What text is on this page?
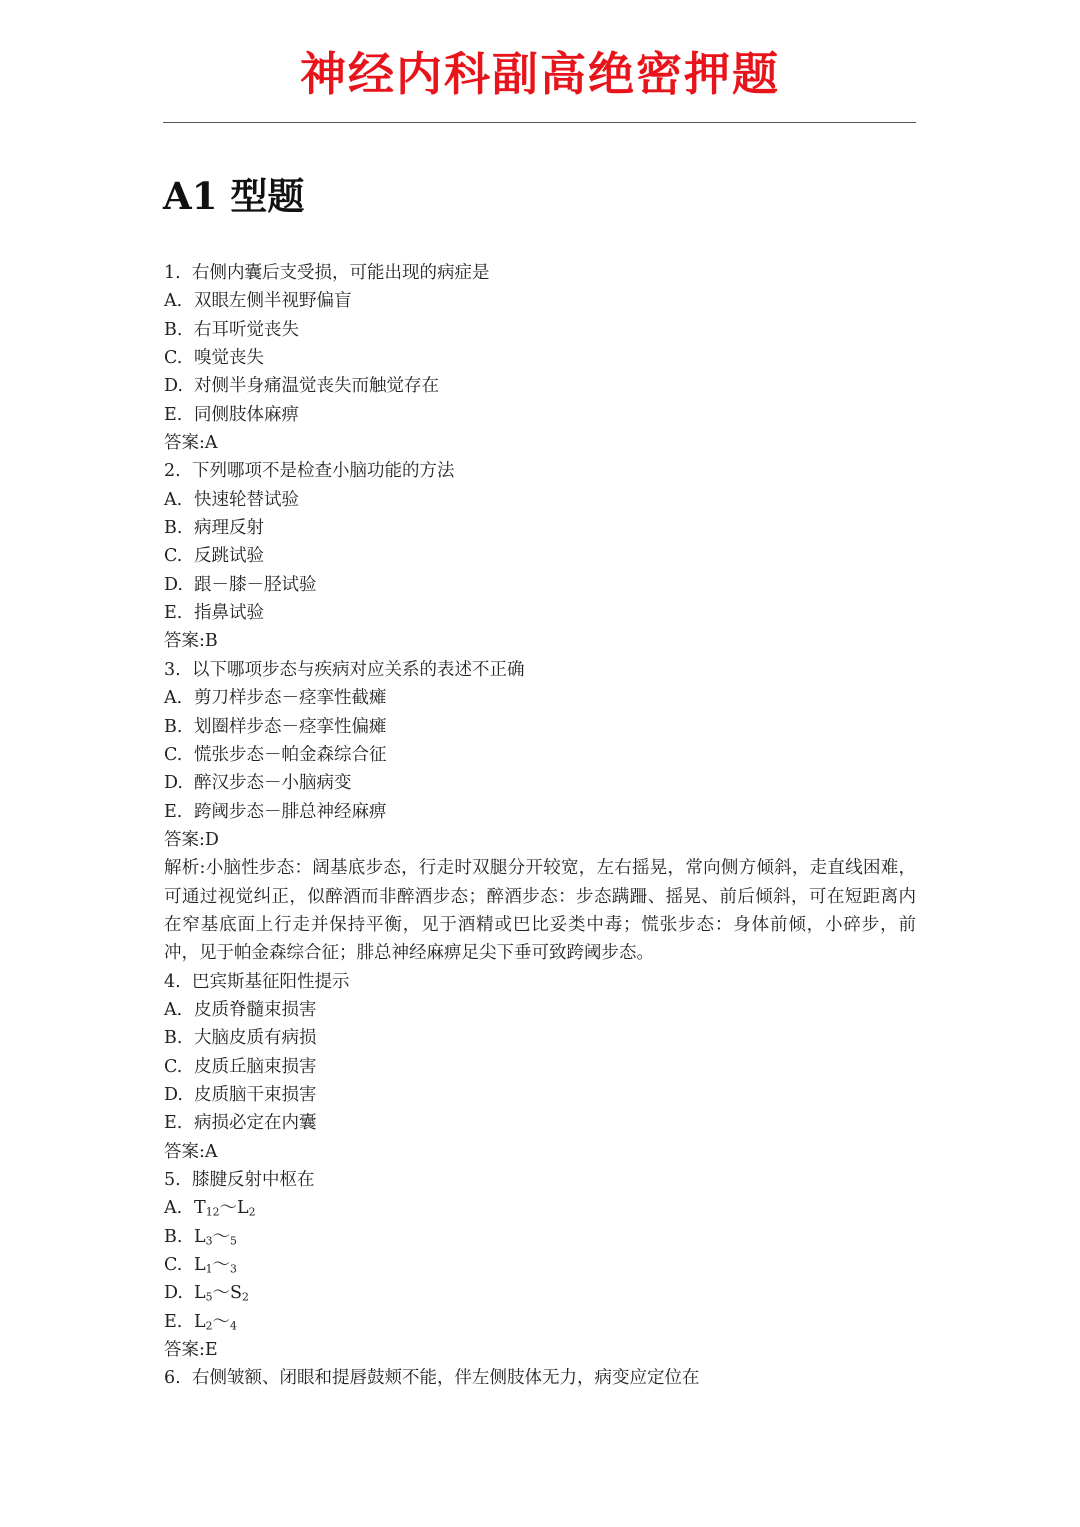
神经内科副高绝密押题
A1 型题
1. 右侧内囊后支受损，可能出现的病症是
A. 双眼左侧半视野偏盲
B. 右耳听觉丧失
C. 嗅觉丧失
D. 对侧半身痛温觉丧失而触觉存在
E. 同侧肢体麻痹
答案:A
2. 下列哪项不是检查小脑功能的方法
A. 快速轮替试验
B. 病理反射
C. 反跳试验
D. 跟－膝－胫试验
E. 指鼻试验
答案:B
3. 以下哪项步态与疾病对应关系的表述不正确
A. 剪刀样步态－痉挛性截瘫
B. 划圈样步态－痉挛性偏瘫
C. 慌张步态－帕金森综合征
D. 醉汉步态－小脑病变
E. 跨阈步态－腓总神经麻痹
答案:D
解析:小脑性步态：阔基底步态，行走时双腿分开较宽，左右摇晃，常向侧方倾斜，走直线困难，可通过视觉纠正，似醉酒而非醉酒步态；醉酒步态：步态蹒跚、摇晃、前后倾斜，可在短距离内在窄基底面上行走并保持平衡，见于酒精或巴比妥类中毒；慌张步态：身体前倾，小碎步，前冲，见于帕金森综合征；腓总神经麻痹足尖下垂可致跨阈步态。
4. 巴宾斯基征阳性提示
A. 皮质脊髓束损害
B. 大脑皮质有病损
C. 皮质丘脑束损害
D. 皮质脑干束损害
E. 病损必定在内囊
答案:A
5. 膝腱反射中枢在
A. $T_{12}\sim L_2$
B. $L_3\sim_5$
C. $L_1\sim_3$
D. $L_5\sim S_2$
E. $L_2\sim_4$
答案:E
6. 右侧皱额、闭眼和提唇鼓颊不能，伴左侧肢体无力，病变应定位在
